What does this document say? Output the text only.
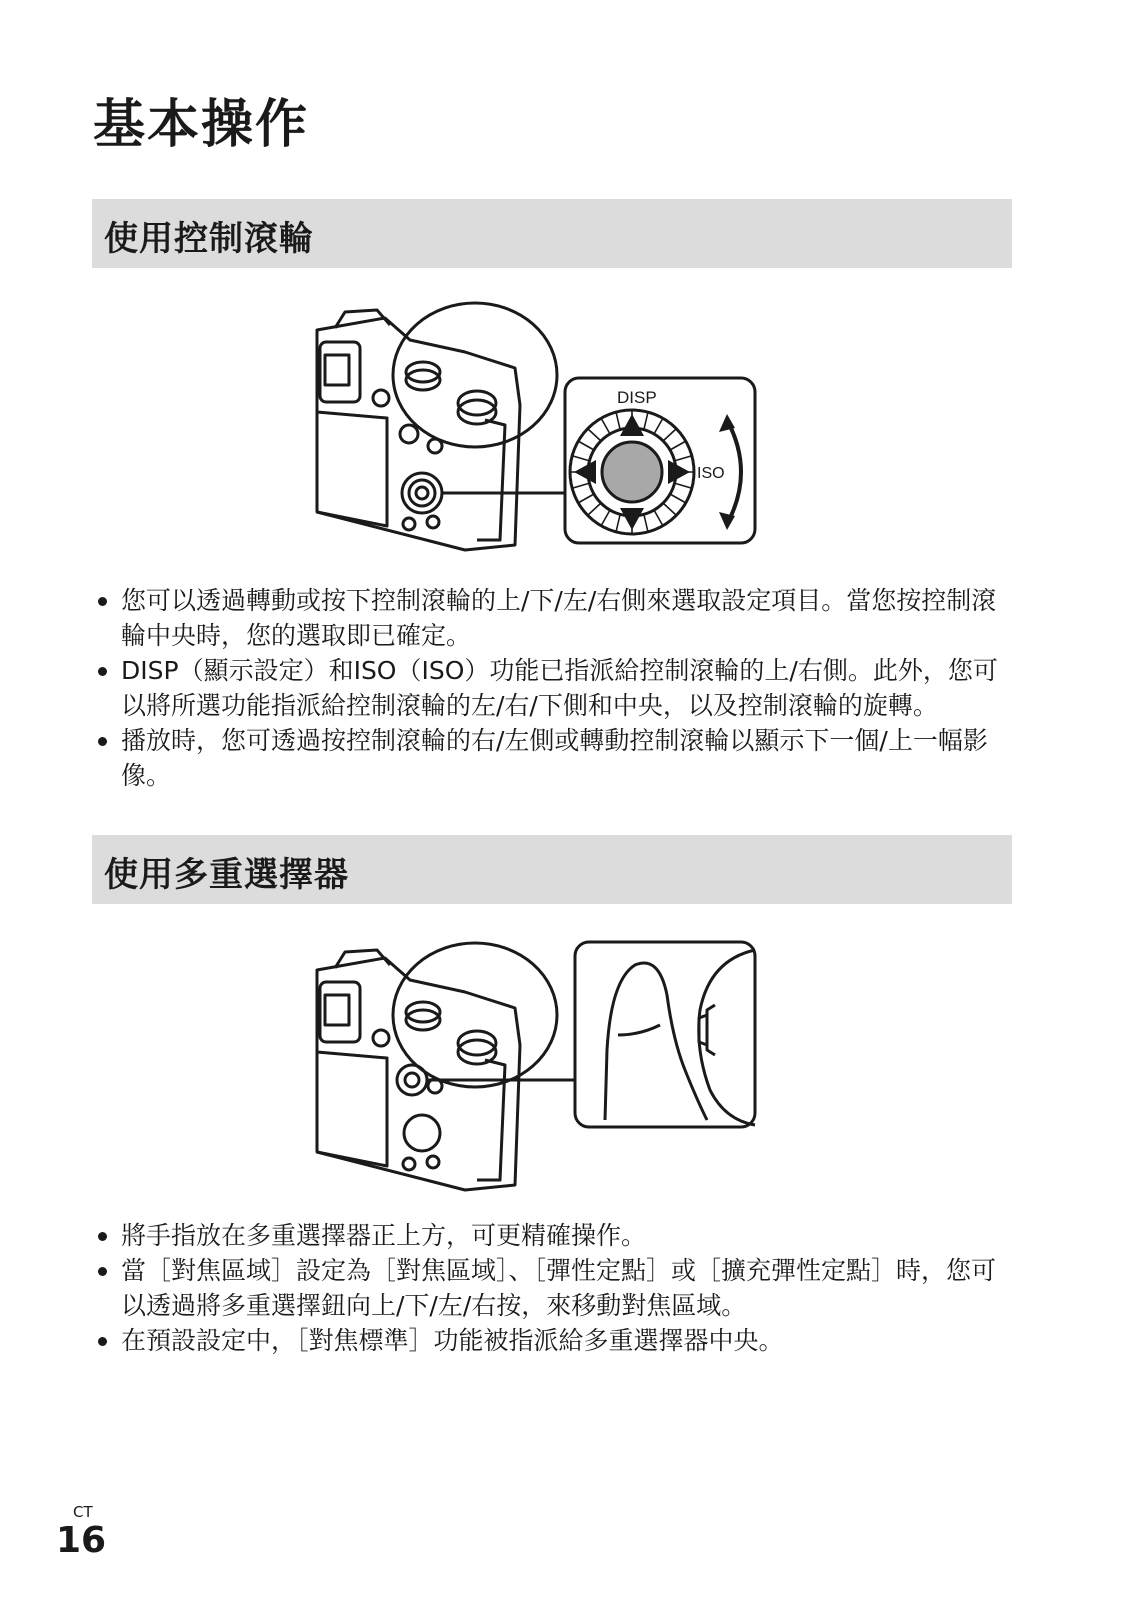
基本操作
使用控制滾輪
DISP
ISO
您可以透過轉動或按下控制滾輪的上/下/左/右側來選取設定項目。當您按控制滾輪中央時，您的選取即已確定。
DISP（顯示設定）和ISO（ISO）功能已指派給控制滾輪的上/右側。此外，您可以將所選功能指派給控制滾輪的左/右/下側和中央，以及控制滾輪的旋轉。
播放時，您可透過按控制滾輪的右/左側或轉動控制滾輪以顯示下一個/上一幅影像。
使用多重選擇器
將手指放在多重選擇器正上方，可更精確操作。
當［對焦區域］設定為［對焦區域］、［彈性定點］或［擴充彈性定點］時，您可以透過將多重選擇鈕向上/下/左/右按，來移動對焦區域。
在預設設定中，［對焦標準］功能被指派給多重選擇器中央。
CT
16
